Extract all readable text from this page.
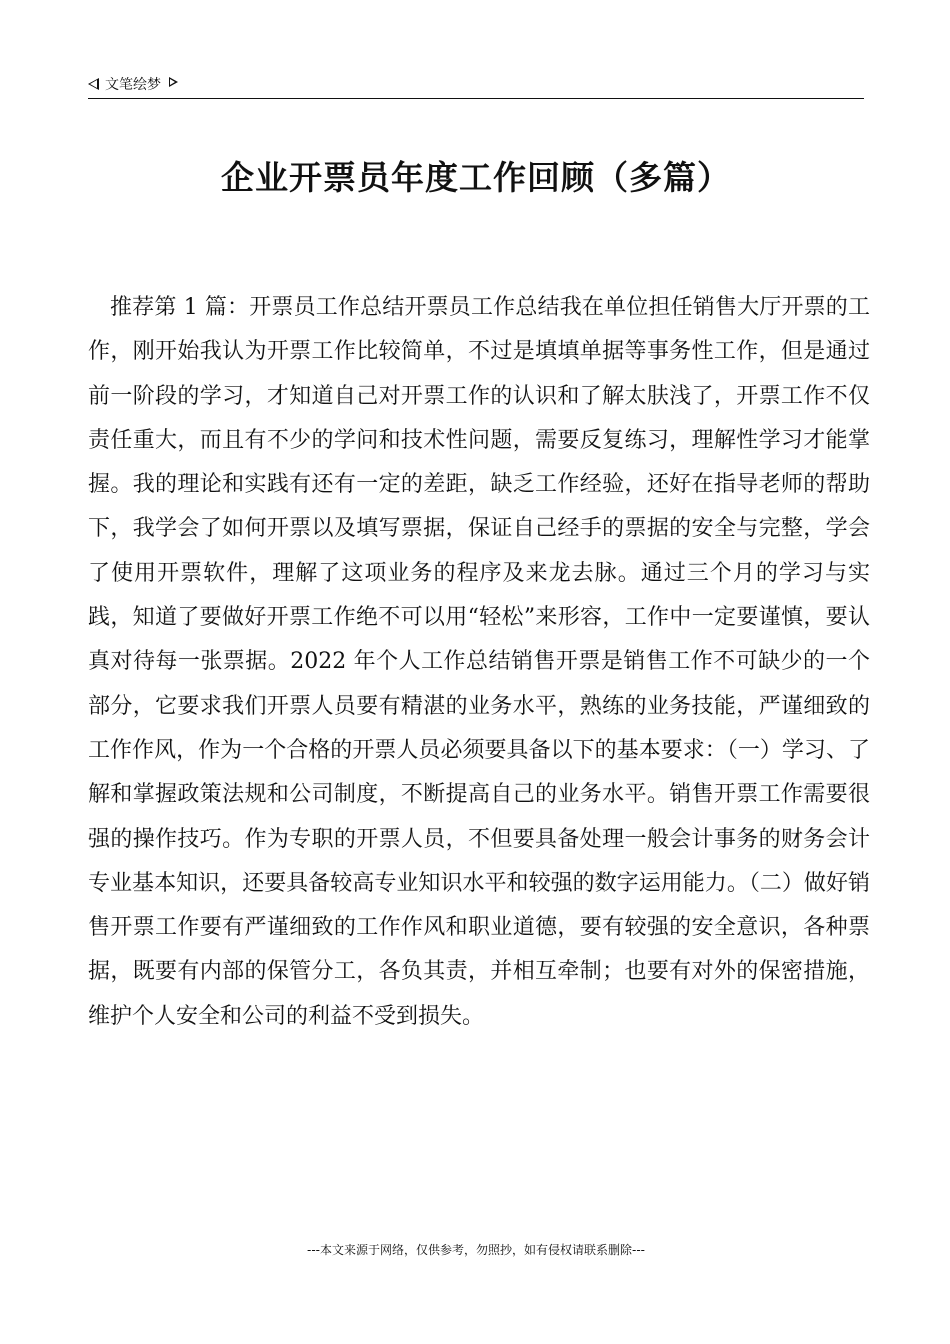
文笔绘梦
企业开票员年度工作回顾（多篇）
推荐第 1 篇：开票员工作总结开票员工作总结我在单位担任销售大厅开票的工作，刚开始我认为开票工作比较简单，不过是填填单据等事务性工作，但是通过前一阶段的学习，才知道自己对开票工作的认识和了解太肤浅了，开票工作不仅责任重大，而且有不少的学问和技术性问题，需要反复练习，理解性学习才能掌握。我的理论和实践有还有一定的差距，缺乏工作经验，还好在指导老师的帮助下，我学会了如何开票以及填写票据，保证自己经手的票据的安全与完整，学会了使用开票软件，理解了这项业务的程序及来龙去脉。通过三个月的学习与实践，知道了要做好开票工作绝不可以用“轻松”来形容，工作中一定要谨慎，要认真对待每一张票据。2022 年个人工作总结销售开票是销售工作不可缺少的一个部分，它要求我们开票人员要有精湛的业务水平，熟练的业务技能，严谨细致的工作作风，作为一个合格的开票人员必须要具备以下的基本要求：（一）学习、了解和掌握政策法规和公司制度，不断提高自己的业务水平。销售开票工作需要很强的操作技巧。作为专职的开票人员，不但要具备处理一般会计事务的财务会计专业基本知识，还要具备较高专业知识水平和较强的数字运用能力。（二）做好销售开票工作要有严谨细致的工作作风和职业道德，要有较强的安全意识，各种票据，既要有内部的保管分工，各负其责，并相互牵制；也要有对外的保密措施，维护个人安全和公司的利益不受到损失。
---本文来源于网络，仅供参考，勿照抄，如有侵权请联系删除---
